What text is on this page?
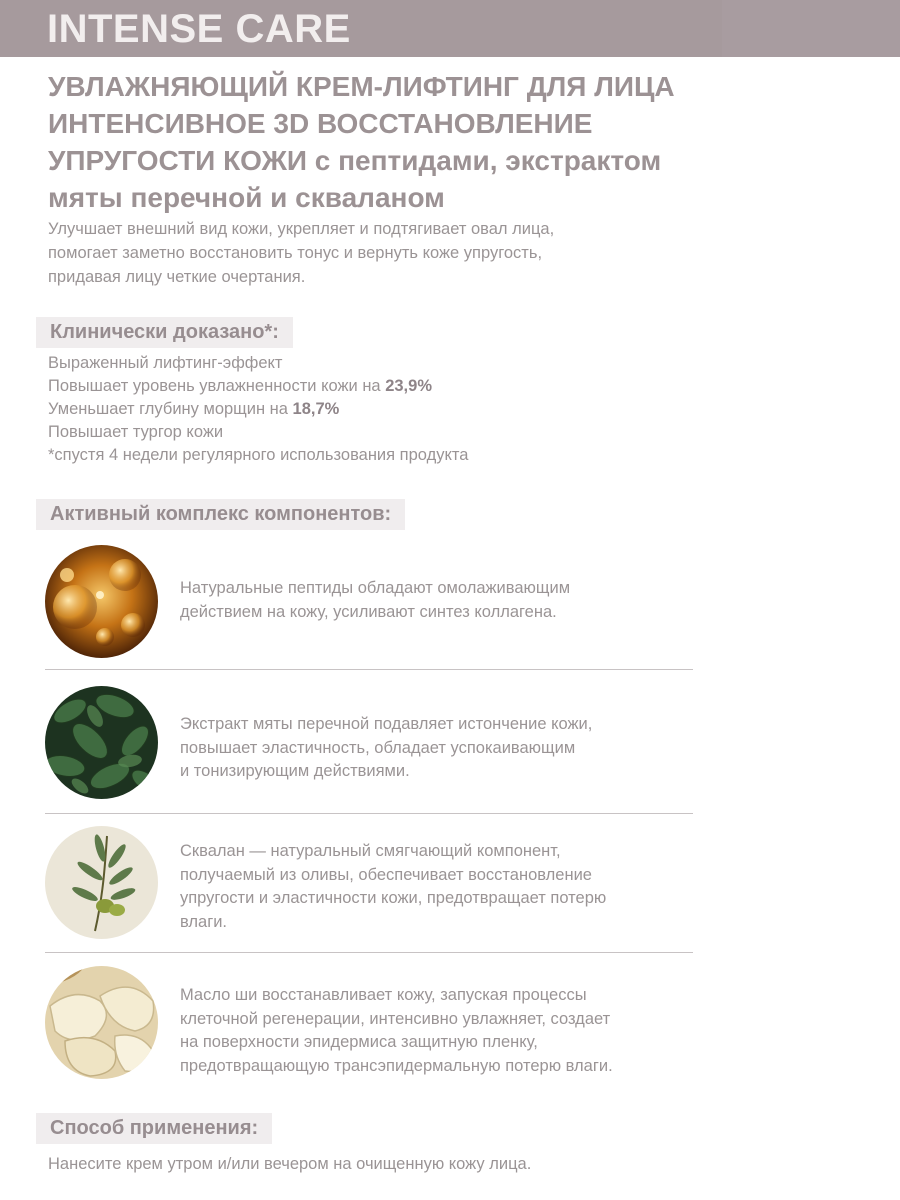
INTENSE CARE
УВЛАЖНЯЮЩИЙ КРЕМ-ЛИФТИНГ ДЛЯ ЛИЦА
ИНТЕНСИВНОЕ 3D ВОССТАНОВЛЕНИЕ
УПРУГОСТИ КОЖИ с пептидами, экстрактом
мяты перечной и скваланом
Улучшает внешний вид кожи, укрепляет и подтягивает овал лица,
помогает заметно восстановить тонус и вернуть коже упругость,
придавая лицу четкие очертания.
Клинически доказано*:
Выраженный лифтинг-эффект
Повышает уровень увлажненности кожи на 23,9%
Уменьшает глубину морщин на 18,7%
Повышает тургор кожи
*спустя 4 недели регулярного использования продукта
Активный комплекс компонентов:
Натуральные пептиды обладают омолаживающим
действием на кожу, усиливают синтез коллагена.
Экстракт мяты перечной подавляет истончение кожи,
повышает эластичность, обладает успокаивающим
и тонизирующим действиями.
Сквалан — натуральный смягчающий компонент,
получаемый из оливы, обеспечивает восстановление
упругости и эластичности кожи, предотвращает потерю
влаги.
Масло ши восстанавливает кожу, запуская процессы
клеточной регенерации, интенсивно увлажняет, создает
на поверхности эпидермиса защитную пленку,
предотвращающую трансэпидермальную потерю влаги.
Способ применения:
Нанесите крем утром и/или вечером на очищенную кожу лица.
